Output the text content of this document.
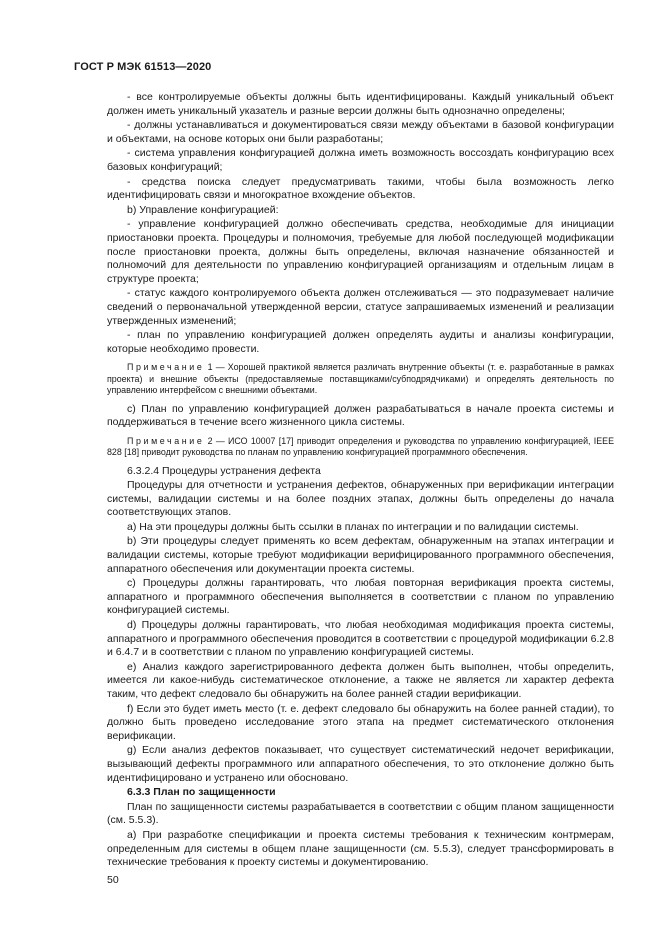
ГОСТ Р МЭК 61513—2020

- все контролируемые объекты должны быть идентифицированы. Каждый уникальный объект должен иметь уникальный указатель и разные версии должны быть однозначно определены;

- должны устанавливаться и документироваться связи между объектами в базовой конфигурации и объектами, на основе которых они были разработаны;

- система управления конфигурацией должна иметь возможность воссоздать конфигурацию всех базовых конфигураций;

- средства поиска следует предусматривать такими, чтобы была возможность легко идентифицировать связи и многократное вхождение объектов.

b) Управление конфигурацией:

- управление конфигурацией должно обеспечивать средства, необходимые для инициации приостановки проекта. Процедуры и полномочия, требуемые для любой последующей модификации после приостановки проекта, должны быть определены, включая назначение обязанностей и полномочий для деятельности по управлению конфигурацией организациям и отдельным лицам в структуре проекта;

- статус каждого контролируемого объекта должен отслеживаться — это подразумевает наличие сведений о первоначальной утвержденной версии, статусе запрашиваемых изменений и реализации утвержденных изменений;

- план по управлению конфигурацией должен определять аудиты и анализы конфигурации, которые необходимо провести.

Примечание 1 — Хорошей практикой является различать внутренние объекты (т. е. разработанные в рамках проекта) и внешние объекты (предоставляемые поставщиками/субподрядчиками) и определять деятельность по управлению интерфейсом с внешними объектами.

c) План по управлению конфигурацией должен разрабатываться в начале проекта системы и поддерживаться в течение всего жизненного цикла системы.

Примечание 2 — ИСО 10007 [17] приводит определения и руководства по управлению конфигурацией, IEEE 828 [18] приводит руководства по планам по управлению конфигурацией программного обеспечения.

6.3.2.4 Процедуры устранения дефекта

Процедуры для отчетности и устранения дефектов, обнаруженных при верификации интеграции системы, валидации системы и на более поздних этапах, должны быть определены до начала соответствующих этапов.

a) На эти процедуры должны быть ссылки в планах по интеграции и по валидации системы.

b) Эти процедуры следует применять ко всем дефектам, обнаруженным на этапах интеграции и валидации системы, которые требуют модификации верифицированного программного обеспечения, аппаратного обеспечения или документации проекта системы.

c) Процедуры должны гарантировать, что любая повторная верификация проекта системы, аппаратного и программного обеспечения выполняется в соответствии с планом по управлению конфигурацией системы.

d) Процедуры должны гарантировать, что любая необходимая модификация проекта системы, аппаратного и программного обеспечения проводится в соответствии с процедурой модификации 6.2.8 и 6.4.7 и в соответствии с планом по управлению конфигурацией системы.

e) Анализ каждого зарегистрированного дефекта должен быть выполнен, чтобы определить, имеется ли какое-нибудь систематическое отклонение, а также не является ли характер дефекта таким, что дефект следовало бы обнаружить на более ранней стадии верификации.

f) Если это будет иметь место (т. е. дефект следовало бы обнаружить на более ранней стадии), то должно быть проведено исследование этого этапа на предмет систематического отклонения верификации.

g) Если анализ дефектов показывает, что существует систематический недочет верификации, вызывающий дефекты программного или аппаратного обеспечения, то это отклонение должно быть идентифицировано и устранено или обосновано.

6.3.3 План по защищенности

План по защищенности системы разрабатывается в соответствии с общим планом защищенности (см. 5.5.3).

a) При разработке спецификации и проекта системы требования к техническим контрмерам, определенным для системы в общем плане защищенности (см. 5.5.3), следует трансформировать в технические требования к проекту системы и документированию.

50
